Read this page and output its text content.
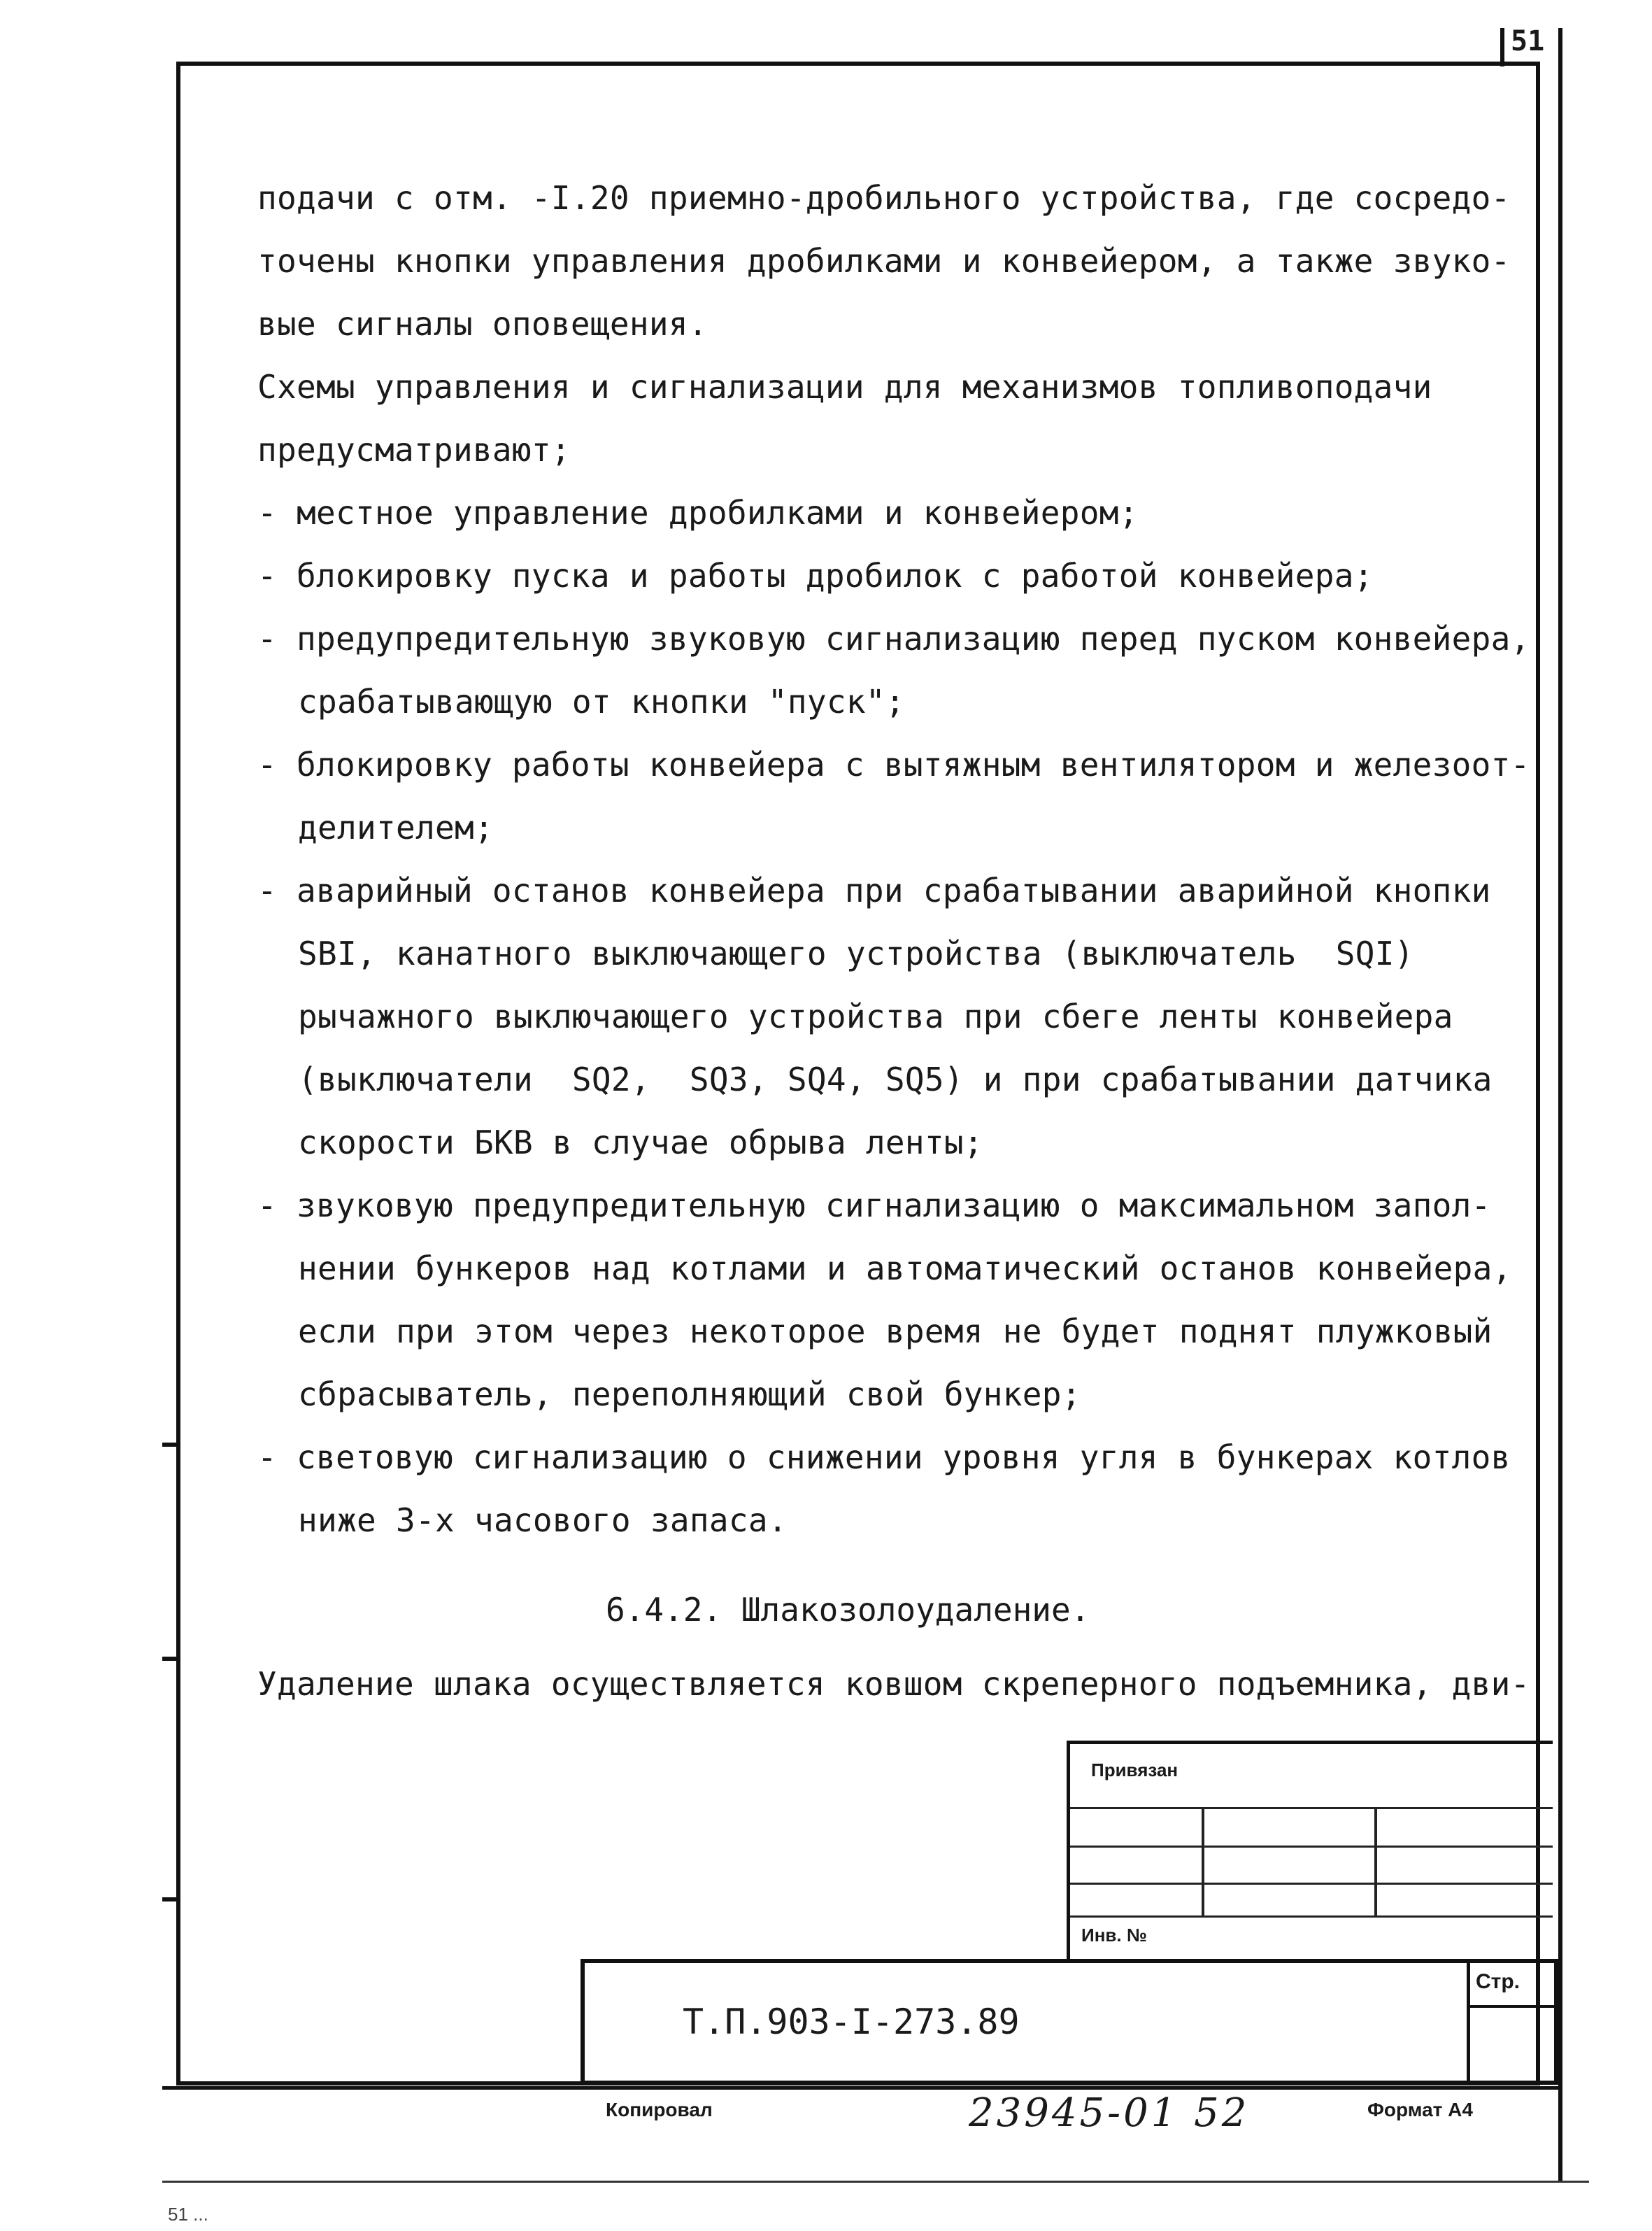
51
подачи с отм. -I.20 приемно-дробильного устройства, где сосредо-
точены кнопки управления дробилками и конвейером, а также звуко-
вые сигналы оповещения.
Схемы управления и сигнализации для механизмов топливоподачи
предусматривают;
- местное управление дробилками и конвейером;
- блокировку пуска и работы дробилок с работой конвейера;
- предупредительную звуковую сигнализацию перед пуском конвейера,
срабатывающую от кнопки "пуск";
- блокировку работы конвейера с вытяжным вентилятором и железоот-
делителем;
- аварийный останов конвейера при срабатывании аварийной кнопки
SBI, канатного выключающего устройства (выключатель  SQI)
рычажного выключающего устройства при сбеге ленты конвейера
(выключатели  SQ2,  SQ3, SQ4, SQ5) и при срабатывании датчика
скорости БКВ в случае обрыва ленты;
- звуковую предупредительную сигнализацию о максимальном запол-
нении бункеров над котлами и автоматический останов конвейера,
если при этом через некоторое время не будет поднят плужковый
сбрасыватель, переполняющий свой бункер;
- световую сигнализацию о снижении уровня угля в бункерах котлов
ниже 3-х часового запаса.
6.4.2. Шлакозолоудаление.
Удаление шлака осуществляется ковшом скреперного подъемника, дви-
Привязан
Инв. №
Т.П.903-I-273.89
Стр.
Копировал	23945-01 52	Формат А4
51 ...
